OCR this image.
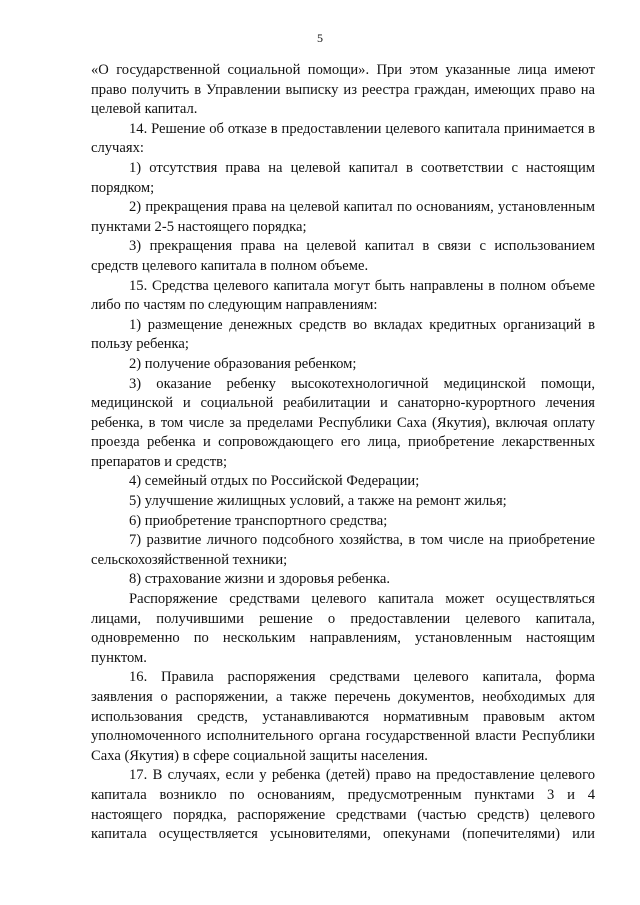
5

«О государственной социальной помощи». При этом указанные лица имеют право получить в Управлении выписку из реестра граждан, имеющих право на целевой капитал.

14. Решение об отказе в предоставлении целевого капитала принимается в случаях:

1) отсутствия права на целевой капитал в соответствии с настоящим порядком;

2) прекращения права на целевой капитал по основаниям, установленным пунктами 2-5 настоящего порядка;

3) прекращения права на целевой капитал в связи с использованием средств целевого капитала в полном объеме.

15. Средства целевого капитала могут быть направлены в полном объеме либо по частям по следующим направлениям:

1) размещение денежных средств во вкладах кредитных организаций в пользу ребенка;

2) получение образования ребенком;

3) оказание ребенку высокотехнологичной медицинской помощи, медицинской и социальной реабилитации и санаторно-курортного лечения ребенка, в том числе за пределами Республики Саха (Якутия), включая оплату проезда ребенка и сопровождающего его лица, приобретение лекарственных препаратов и средств;

4) семейный отдых по Российской Федерации;

5) улучшение жилищных условий, а также на ремонт жилья;

6) приобретение транспортного средства;

7) развитие личного подсобного хозяйства, в том числе на приобретение сельскохозяйственной техники;

8) страхование жизни и здоровья ребенка.

Распоряжение средствами целевого капитала может осуществляться лицами, получившими решение о предоставлении целевого капитала, одновременно по нескольким направлениям, установленным настоящим пунктом.

16. Правила распоряжения средствами целевого капитала, форма заявления о распоряжении, а также перечень документов, необходимых для использования средств, устанавливаются нормативным правовым актом уполномоченного исполнительного органа государственной власти Республики Саха (Якутия) в сфере социальной защиты населения.

17. В случаях, если у ребенка (детей) право на предоставление целевого капитала возникло по основаниям, предусмотренным пунктами 3 и 4 настоящего порядка, распоряжение средствами (частью средств) целевого капитала осуществляется усыновителями, опекунами (попечителями) или
